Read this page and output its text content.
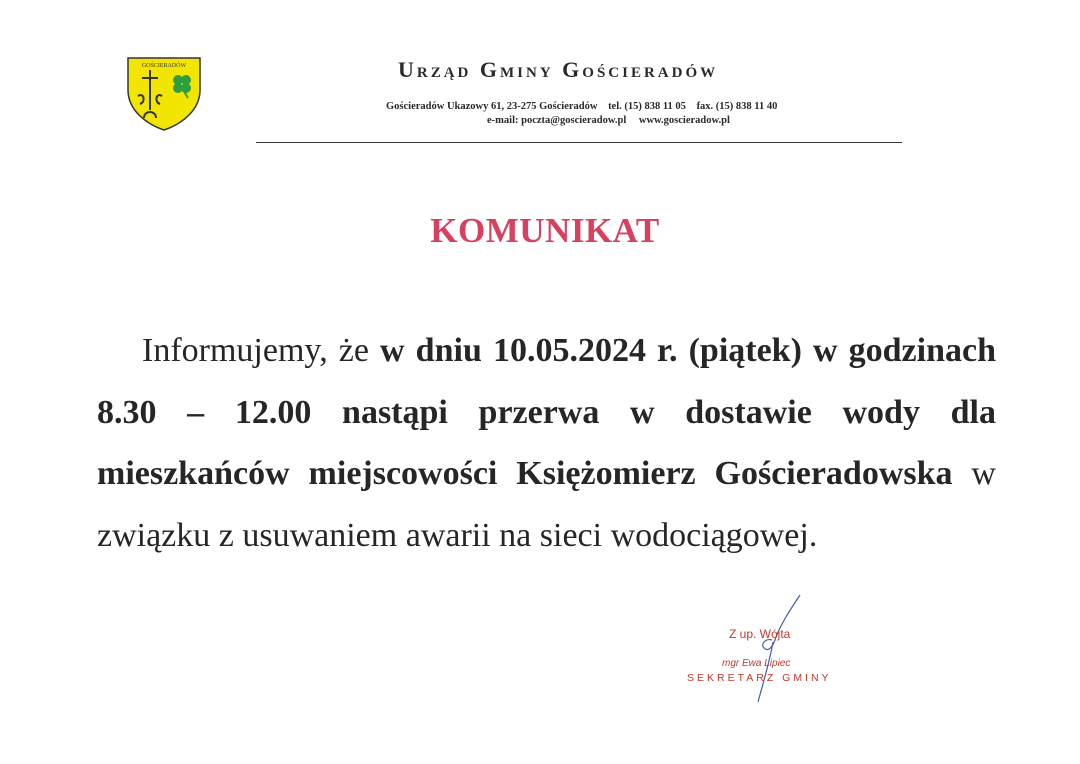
GOŚCIERADÓW	Urząd Gminy Gościeradów
Gościeradów Ukazowy 61, 23-275 Gościeradów tel. (15) 838 11 05 fax. (15) 838 11 40
e-mail: poczta@goscieradow.pl www.goscieradow.pl
KOMUNIKAT

Informujemy, że w dniu 10.05.2024 r. (piątek) w godzinach 8.30 – 12.00 nastąpi przerwa w dostawie wody dla mieszkańców miejscowości Księżomierz Gościeradowska w związku z usuwaniem awarii na sieci wodociągowej.

Z up. Wójta
mgr Ewa Lipiec
SEKRETARZ GMINY
